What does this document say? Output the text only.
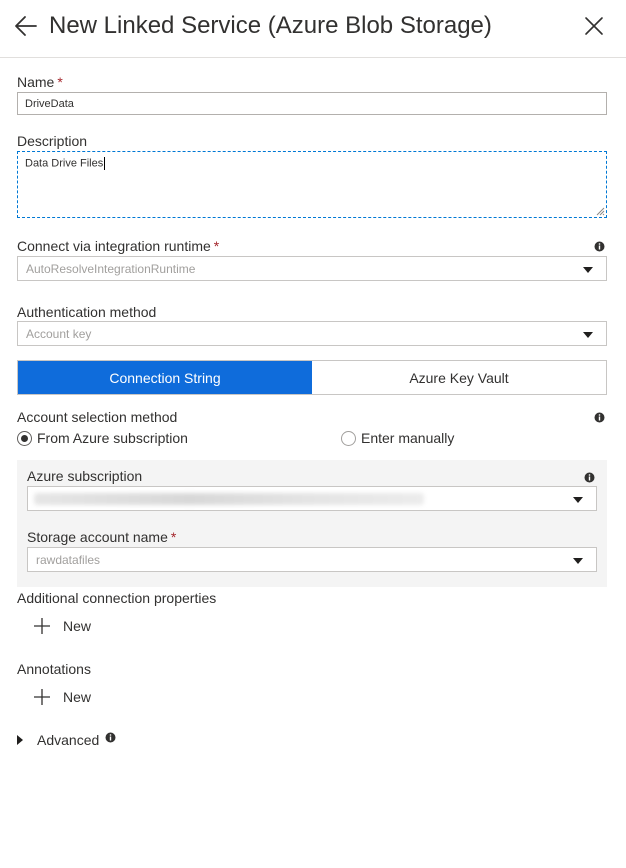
New Linked Service (Azure Blob Storage)
Name *
DriveData
Description
Data Drive Files
Connect via integration runtime *
AutoResolveIntegrationRuntime
Authentication method
Account key
Connection String	Azure Key Vault
Account selection method
From Azure subscription	Enter manually
Azure subscription
Storage account name *
rawdatafiles
Additional connection properties
New
Annotations
New
Advanced
